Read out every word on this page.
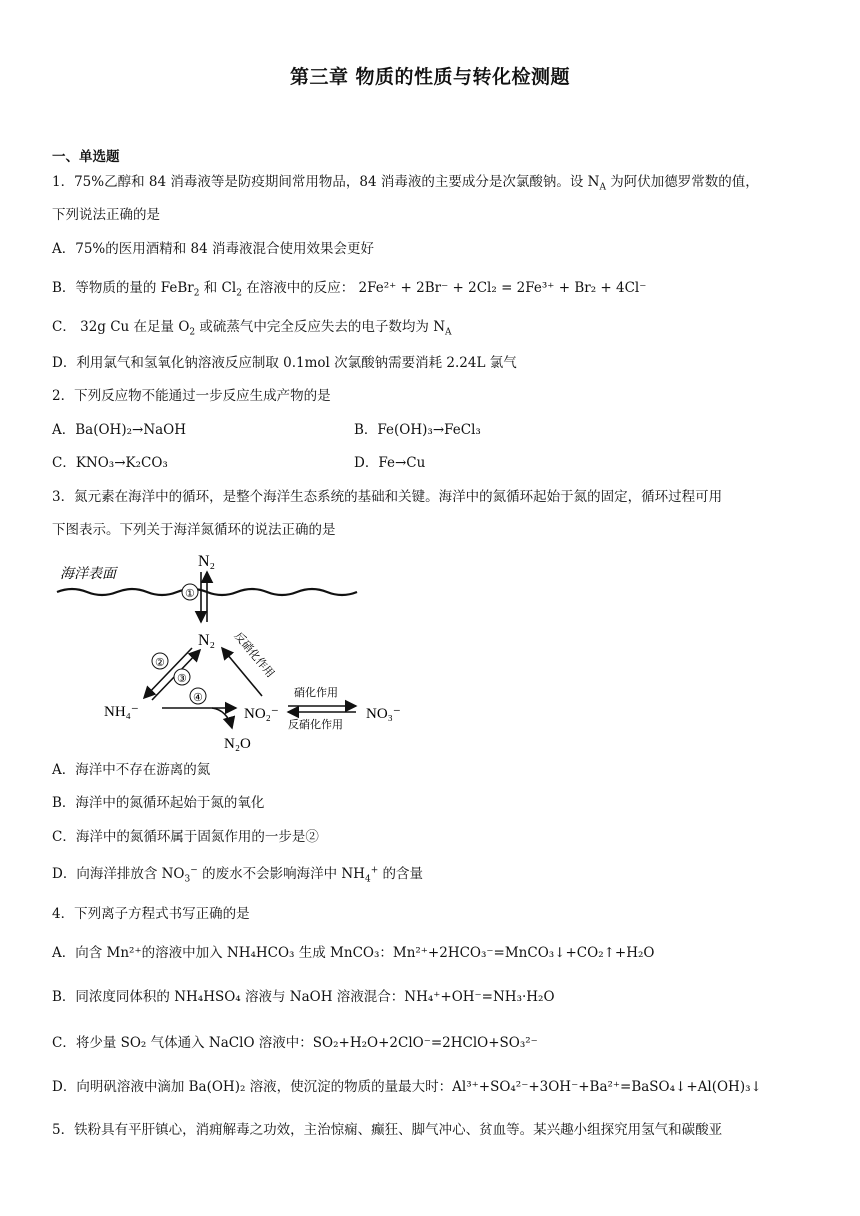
第三章 物质的性质与转化检测题
一、单选题
1．75%乙醇和 84 消毒液等是防疫期间常用物品，84 消毒液的主要成分是次氯酸钠。设 $N_A$ 为阿伏加德罗常数的值，
下列说法正确的是
A．75%的医用酒精和 84 消毒液混合使用效果会更好
B．等物质的量的 FeBr$_2$ 和 $Cl_2$ 在溶液中的反应： 2Fe²⁺ + 2Br⁻ + 2Cl₂ = 2Fe³⁺ + Br₂ + 4Cl⁻
C． 32g Cu 在足量 $O_2$ 或硫蒸气中完全反应失去的电子数均为 $N_A$
D．利用氯气和氢氧化钠溶液反应制取 0.1mol 次氯酸钠需要消耗 2.24L 氯气
2．下列反应物不能通过一步反应生成产物的是
A．Ba(OH)₂→NaOH	B．Fe(OH)₃→FeCl₃
C．KNO₃→K₂CO₃	D．Fe→Cu
3．氮元素在海洋中的循环，是整个海洋生态系统的基础和关键。海洋中的氮循环起始于氮的固定，循环过程可用
下图表示。下列关于海洋氮循环的说法正确的是
海洋表面
N₂
①
N₂
②
③	反硝化作用
NH₄⁻
④
NO₂⁻
N₂O
硝化作用
反硝化作用
NO₃⁻
A．海洋中不存在游离的氮
B．海洋中的氮循环起始于氮的氧化
C．海洋中的氮循环属于固氮作用的一步是②
D．向海洋排放含 $NO_3^-$ 的废水不会影响海洋中 $NH_4^+$ 的含量
4．下列离子方程式书写正确的是
A．向含 Mn²⁺的溶液中加入 NH₄HCO₃ 生成 MnCO₃：Mn²⁺+2HCO₃⁻=MnCO₃↓+CO₂↑+H₂O
B．同浓度同体积的 NH₄HSO₄ 溶液与 NaOH 溶液混合：NH₄⁺+OH⁻=NH₃·H₂O
C．将少量 SO₂ 气体通入 NaClO 溶液中：SO₂+H₂O+2ClO⁻=2HClO+SO₃²⁻
D．向明矾溶液中滴加 Ba(OH)₂ 溶液，使沉淀的物质的量最大时：Al³⁺+SO₄²⁻+3OH⁻+Ba²⁺=BaSO₄↓+Al(OH)₃↓
5．铁粉具有平肝镇心，消痈解毒之功效，主治惊痫、癫狂、脚气冲心、贫血等。某兴趣小组探究用氢气和碳酸亚
